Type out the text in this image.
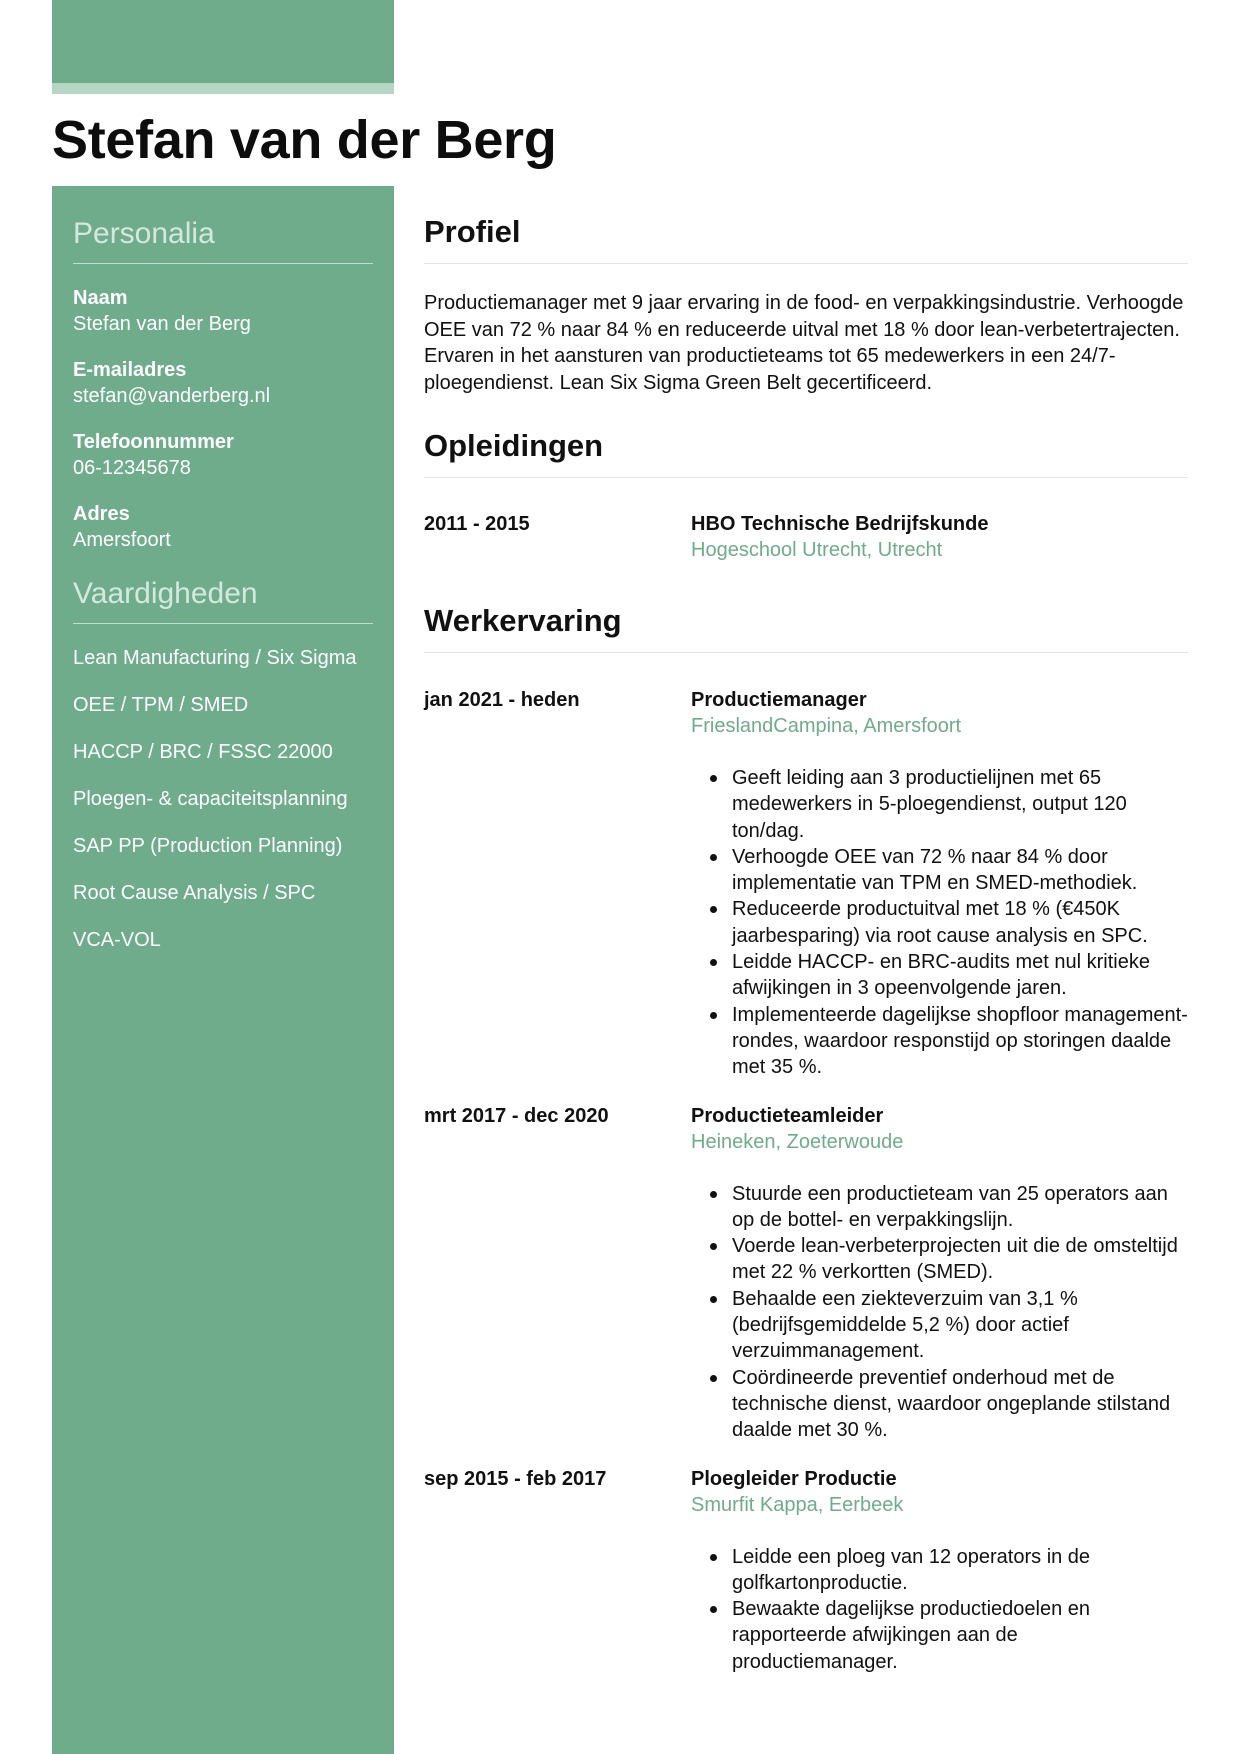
Stefan van der Berg
Personalia
Naam
Stefan van der Berg
E-mailadres
stefan@vanderberg.nl
Telefoonnummer
06-12345678
Adres
Amersfoort
Vaardigheden
Lean Manufacturing / Six Sigma
OEE / TPM / SMED
HACCP / BRC / FSSC 22000
Ploegen- & capaciteitsplanning
SAP PP (Production Planning)
Root Cause Analysis / SPC
VCA-VOL
Profiel

Productiemanager met 9 jaar ervaring in de food- en verpakkingsindustrie. Verhoogde OEE van 72 % naar 84 % en reduceerde uitval met 18 % door lean-verbetertrajecten. Ervaren in het aansturen van productieteams tot 65 medewerkers in een 24/7-ploegendienst. Lean Six Sigma Green Belt gecertificeerd.

Opleidingen
2011 - 2015	HBO Technische Bedrijfskunde
Hogeschool Utrecht, Utrecht
Werkervaring
jan 2021 - heden	Productiemanager
FrieslandCampina, Amersfoort
Geeft leiding aan 3 productielijnen met 65 medewerkers in 5-ploegendienst, output 120 ton/dag.
Verhoogde OEE van 72 % naar 84 % door implementatie van TPM en SMED-methodiek.
Reduceerde productuitval met 18 % (€450K jaarbesparing) via root cause analysis en SPC.
Leidde HACCP- en BRC-audits met nul kritieke afwijkingen in 3 opeenvolgende jaren.
Implementeerde dagelijkse shopfloor management-rondes, waardoor responstijd op storingen daalde met 35 %.
mrt 2017 - dec 2020	Productieteamleider
Heineken, Zoeterwoude
Stuurde een productieteam van 25 operators aan op de bottel- en verpakkingslijn.
Voerde lean-verbeterprojecten uit die de omsteltijd met 22 % verkortten (SMED).
Behaalde een ziekteverzuim van 3,1 % (bedrijfsgemiddelde 5,2 %) door actief verzuimmanagement.
Coördineerde preventief onderhoud met de technische dienst, waardoor ongeplande stilstand daalde met 30 %.
sep 2015 - feb 2017	Ploegleider Productie
Smurfit Kappa, Eerbeek
Leidde een ploeg van 12 operators in de golfkartonproductie.
Bewaakte dagelijkse productiedoelen en rapporteerde afwijkingen aan de productiemanager.
